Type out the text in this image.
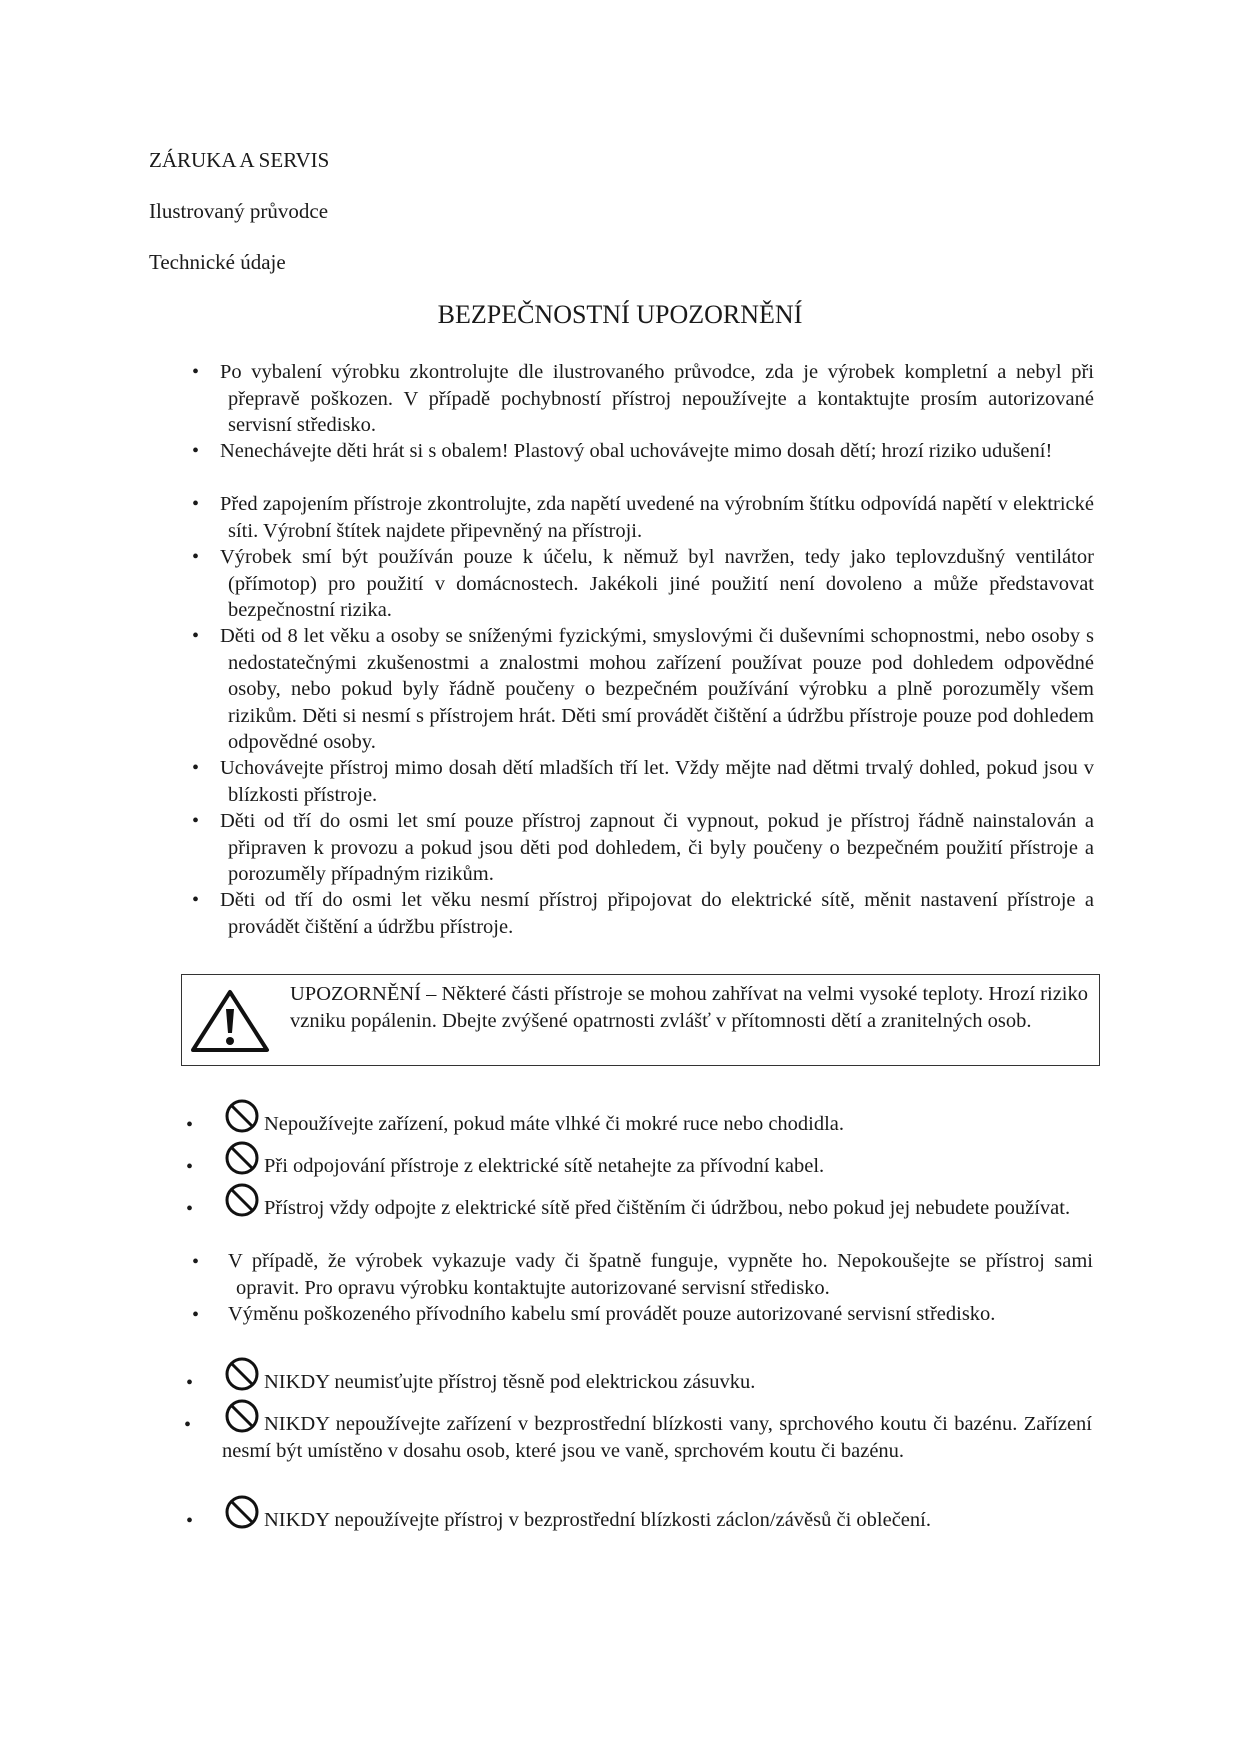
ZÁRUKA A SERVIS

Ilustrovaný průvodce

Technické údaje

BEZPEČNOSTNÍ UPOZORNĚNÍ

• Po vybalení výrobku zkontrolujte dle ilustrovaného průvodce, zda je výrobek kompletní a nebyl při přepravě poškozen. V případě pochybností přístroj nepoužívejte a kontaktujte prosím autorizované servisní středisko.

• Nenechávejte děti hrát si s obalem! Plastový obal uchovávejte mimo dosah dětí; hrozí riziko udušení!

• Před zapojením přístroje zkontrolujte, zda napětí uvedené na výrobním štítku odpovídá napětí v elektrické síti. Výrobní štítek najdete připevněný na přístroji.

• Výrobek smí být používán pouze k účelu, k němuž byl navržen, tedy jako teplovzdušný ventilátor (přímotop) pro použití v domácnostech. Jakékoli jiné použití není dovoleno a může představovat bezpečnostní rizika.

• Děti od 8 let věku a osoby se sníženými fyzickými, smyslovými či duševními schopnostmi, nebo osoby s nedostatečnými zkušenostmi a znalostmi mohou zařízení používat pouze pod dohledem odpovědné osoby, nebo pokud byly řádně poučeny o bezpečném používání výrobku a plně porozuměly všem rizikům. Děti si nesmí s přístrojem hrát. Děti smí provádět čištění a údržbu přístroje pouze pod dohledem odpovědné osoby.

• Uchovávejte přístroj mimo dosah dětí mladších tří let. Vždy mějte nad dětmi trvalý dohled, pokud jsou v blízkosti přístroje.

• Děti od tří do osmi let smí pouze přístroj zapnout či vypnout, pokud je přístroj řádně nainstalován a připraven k provozu a pokud jsou děti pod dohledem, či byly poučeny o bezpečném použití přístroje a porozuměly případným rizikům.

• Děti od tří do osmi let věku nesmí přístroj připojovat do elektrické sítě, měnit nastavení přístroje a provádět čištění a údržbu přístroje.

UPOZORNĚNÍ – Některé části přístroje se mohou zahřívat na velmi vysoké teploty. Hrozí riziko vzniku popálenin. Dbejte zvýšené opatrnosti zvlášť v přítomnosti dětí a zranitelných osob.

•	Nepoužívejte zařízení, pokud máte vlhké či mokré ruce nebo chodidla.

•	Při odpojování přístroje z elektrické sítě netahejte za přívodní kabel.

•	Přístroj vždy odpojte z elektrické sítě před čištěním či údržbou, nebo pokud jej nebudete používat.

• V případě, že výrobek vykazuje vady či špatně funguje, vypněte ho. Nepokoušejte se přístroj sami opravit. Pro opravu výrobku kontaktujte autorizované servisní středisko.

• Výměnu poškozeného přívodního kabelu smí provádět pouze autorizované servisní středisko.

•	NIKDY neumisťujte přístroj těsně pod elektrickou zásuvku.

•	NIKDY nepoužívejte zařízení v bezprostřední blízkosti vany, sprchového koutu či bazénu. Zařízení nesmí být umístěno v dosahu osob, které jsou ve vaně, sprchovém koutu či bazénu.

•	NIKDY nepoužívejte přístroj v bezprostřední blízkosti záclon/závěsů či oblečení.
